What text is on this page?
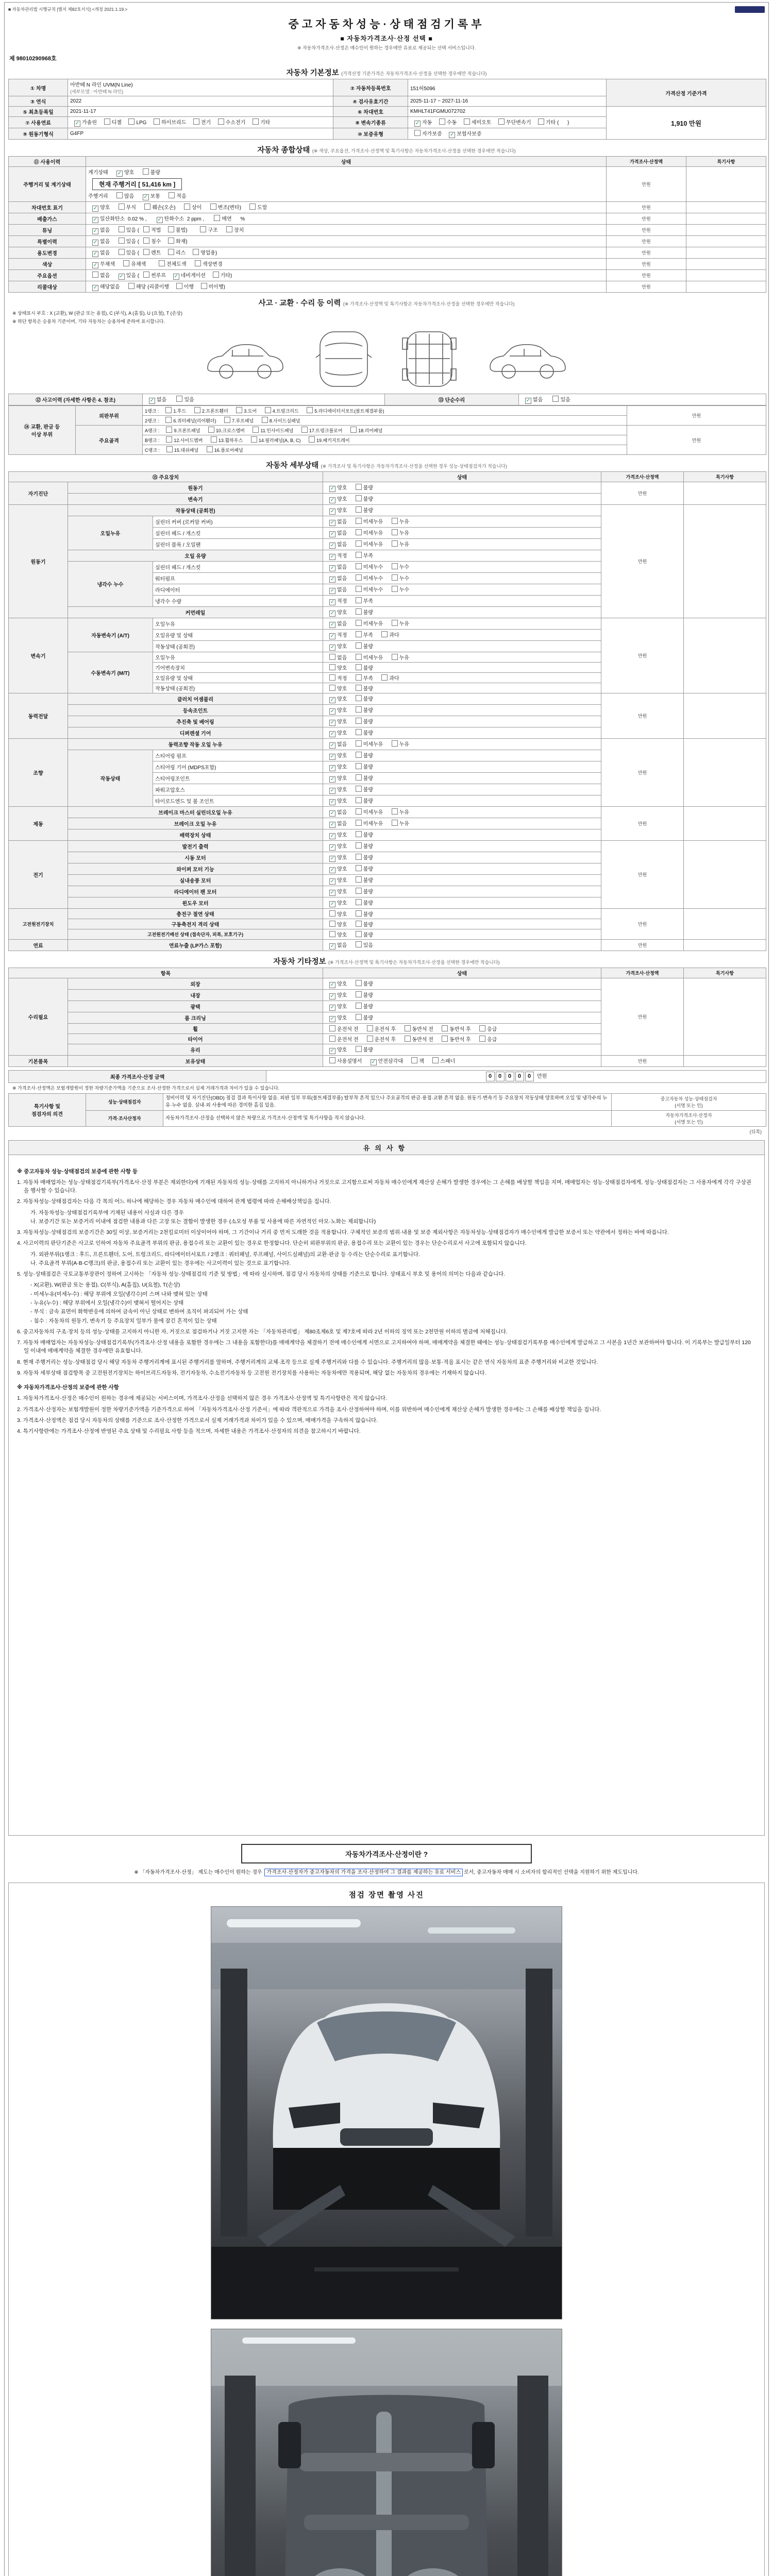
■ 자동차관리법 시행규칙 [별지 제82호서식] <개정 2021.1.19.>
중고자동차성능·상태점검기록부
■ 자동차가격조사·산정 선택 ■
※ 자동차가격조사·산정은 매수인이 원하는 경우에만 유료로 제공되는 선택 서비스입니다.
제 98010290968호
자동차 기본정보 (가격산정 기준가격은 자동차가격조사·산정을 선택한 경우에만 적습니다)
① 차명	아반떼 N 라인 UVM(N Line)
(세부모델 : 아반떼 N 라인)	② 자동차등록번호	151허5096	가격산정 기준가격
③ 연식	2022	④ 검사유효기간	2025-11-17 ~ 2027-11-16	
⑤ 최초등록일	2021-11-17	⑥ 차대번호	KMHLT41FGMU072702	1,910 만원
⑦ 사용연료	✓ 가솔린  디젤  LPG  하이브리드  전기  수소전기  기타	⑧ 변속기종류	✓ 자동  수동  세미오토  무단변속기  기타 (      )	
⑨ 원동기형식	G4FP	⑩ 보증유형	자가보증  ✓ 보험사보증	
자동차 종합상태 (※ 색상, 주요옵션, 가격조사·산정액 및 특기사항은 자동차가격조사·산정을 선택한 경우에만 적습니다)
⑪ 사용이력	상태	가격조사·산정액	특기사항
주행거리 및 계기상태	계기상태   ✓ 양호   불량
현재 주행거리 [ 51,416 km ]
주행거리   많음   ✓ 보통   적음	만원	
차대번호 표기	✓ 양호   부식   훼손(오손)   상이   변조(변타)   도말	만원	
배출가스	✓ 일산화탄소  0.02 % ,    ✓ 탄화수소  2 ppm ,    매연      %	만원	
튜닝	✓ 없음   있음 ( 적법  불법)      구조   장치	만원	
특별이력	✓ 없음   있음 ( 침수  화재)	만원	
용도변경	✓ 없음   있음 ( 렌트  리스  영업용)	만원	
색상	✓ 무채색   유채색      전체도색   색상변경	만원	
주요옵션	없음   ✓ 있음 ( 썬루프  ✓ 네비게이션  기타)	만원	
리콜대상	✓ 해당없음   해당 (리콜이행  이행  미이행)	만원	
사고 · 교환 · 수리 등 이력 (※ 가격조사·산정액 및 특기사항은 자동차가격조사·산정을 선택한 경우에만 적습니다)
※ 상태표시 부호 : X (교환), W (판금 또는 용접), C (부식), A (흠집), U (요철), T (손상)
※ 하단 항목은 승용차 기준이며, 기타 자동차는 승용차에 준하여 표시합니다.
⑫ 사고이력 (자세한 사항은 4. 참조)	✓ 없음    있음	⑬ 단순수리	✓ 없음    있음
⑭ 교환, 판금 등
이상 부위	외판부위	1랭크 : 1.후드 2.프론트휀더 3.도어 4.트렁크리드 5.라디에이터서포트(볼트체결부품)	만원
		2랭크 : 6.쿼터패널(리어휀더) 7.루프패널 8.사이드실패널	
	주요골격	A랭크 : 9.프론트패널 10.크로스멤버 11.인사이드패널 17.트렁크플로어 18.리어패널	만원
		B랭크 : 12.사이드멤버 13.휠하우스 14.필러패널(A, B, C) 19.패키지트레이	
		C랭크 : 15.대쉬패널 16.플로어패널	
자동차 세부상태 (※ 가격조사 및 특기사항은 자동차가격조사·산정을 선택한 경우 성능·상태점검자가 적습니다)
⑮ 주요장치			상태	가격조사·산정액	특기사항
자기진단	원동기		✓ 양호   불량	만원	
	변속기		✓ 양호   불량		
원동기	작동상태 (공회전)		✓ 양호   불량	만원	
	오일누유	실린더 커버 (로커암 커버)	✓ 없음   미세누유   누유		
		실린더 헤드 / 개스킷	✓ 없음   미세누유   누유		
		실린더 블록 / 오일팬	✓ 없음   미세누유   누유		
	오일 유량		✓ 적정   부족		
	냉각수 누수	실린더 헤드 / 개스킷	✓ 없음   미세누수   누수		
		워터펌프	✓ 없음   미세누수   누수		
		라디에이터	✓ 없음   미세누수   누수		
		냉각수 수량	✓ 적정   부족		
	커먼레일		✓ 양호   불량		
변속기	자동변속기 (A/T)	오일누유	✓ 없음   미세누유   누유	만원	
		오일유량 및 상태	✓ 적정   부족   과다		
		작동상태 (공회전)	✓ 양호   불량		
	수동변속기 (M/T)	오일누유	없음   미세누유   누유		
		기어변속장치	양호   불량		
		오일유량 및 상태	적정   부족   과다		
		작동상태 (공회전)	양호   불량		
동력전달	클러치 어셈블리		✓ 양호   불량	만원	
	등속조인트		✓ 양호   불량		
	추진축 및 베어링		✓ 양호   불량		
	디퍼렌셜 기어		✓ 양호   불량		
조향	동력조향 작동 오일 누유		✓ 없음   미세누유   누유	만원	
	작동상태	스티어링 펌프	✓ 양호   불량		
		스티어링 기어 (MDPS포함)	✓ 양호   불량		
		스티어링조인트	✓ 양호   불량		
		파워고압호스	✓ 양호   불량		
		타이로드엔드 및 볼 조인트	✓ 양호   불량		
제동	브레이크 마스터 실린더오일 누유		✓ 없음   미세누유   누유	만원	
	브레이크 오일 누유		✓ 없음   미세누유   누유		
	배력장치 상태		✓ 양호   불량		
전기	발전기 출력		✓ 양호   불량	만원	
	시동 모터		✓ 양호   불량		
	와이퍼 모터 기능		✓ 양호   불량		
	실내송풍 모터		✓ 양호   불량		
	라디에이터 팬 모터		✓ 양호   불량		
	윈도우 모터		✓ 양호   불량		
고전원전기장치	충전구 절연 상태		양호   불량	만원	
	구동축전지 격리 상태		양호   불량		
	고전원전기배선 상태 (접속단자, 피복, 보호기구)		양호   불량		
연료	연료누출 (LP가스 포함)		✓ 없음   있음	만원	
자동차 기타정보 (※ 가격조사·산정액 및 특기사항은 자동차가격조사·산정을 선택한 경우에만 적습니다)
항목		상태	가격조사·산정액	특기사항
수리필요	외장	✓ 양호   불량	만원	
	내장	✓ 양호   불량		
	광택	✓ 양호   불량		
	룸 크리닝	✓ 양호   불량		
	휠	운전석 전   운전석 후   동반석 전   동반석 후   응급		
	타이어	운전석 전   운전석 후   동반석 전   동반석 후   응급		
	유리	✓ 양호   불량		
기본품목	보유상태	사용설명서   ✓ 안전삼각대   잭   스패너	만원	
최종 가격조사·산정 금액	0 0 0 0 0  만원
※ 가격조사·산정액은 보험개발원이 정한 차량기준가액을 기준으로 조사·산정한 가격으로서 실제 거래가격과 차이가 있을 수 있습니다.
특기사항 및
점검자의 의견	성능·상태점검자	정비이력 및 자기진단(OBD) 점검 결과 특이사항 없음. 외판 일부 부위(볼트체결부품) 탈부착 흔적 있으나 주요골격의 판금·용접·교환 흔적 없음. 원동기·변속기 등 주요장치 작동상태 양호하며 오일 및 냉각수의 누유·누수 없음. 실내·외 사용에 따른 경미한 흠집 있음.	중고자동차 성능·상태점검자
(서명 또는 인)
	가격·조사산정자	자동차가격조사·산정을 선택하지 않은 차량으로 가격조사·산정액 및 특기사항을 적지 않습니다.	자동차가격조사·산정자
(서명 또는 인)
(뒤쪽)
유의사항

※ 중고자동차 성능·상태점검의 보증에 관한 사항 등

1. 자동차 매매업자는 성능·상태점검기록부(가격조사·산정 부분은 제외한다)에 기재된 자동차의 성능·상태를 고지하지 아니하거나 거짓으로 고지함으로써 자동차 매수인에게 재산상 손해가 발생한 경우에는 그 손해를 배상할 책임을 지며, 매매업자는 성능·상태점검자에게, 성능·상태점검자는 그 사용자에게 각각 구상권을 행사할 수 있습니다.

2. 자동차성능·상태점검자는 다음 각 목의 어느 하나에 해당하는 경우 자동차 매수인에 대하여 관계 법령에 따라 손해배상책임을 집니다.

가. 자동차성능·상태점검기록부에 기재된 내용이 사실과 다른 경우

나. 보증기간 또는 보증거리 이내에 점검한 내용과 다른 고장 또는 결함이 발생한 경우 (소모성 부품 및 사용에 따른 자연적인 마모·노화는 제외합니다)

3. 자동차성능·상태점검의 보증기간은 30일 이상, 보증거리는 2천킬로미터 이상이어야 하며, 그 기간이나 거리 중 먼저 도래한 것을 적용합니다. 구체적인 보증의 범위·내용 및 보증 제외사항은 자동차성능·상태점검자가 매수인에게 발급한 보증서 또는 약관에서 정하는 바에 따릅니다.

4. 사고이력의 판단기준은 사고로 인하여 자동차 주요골격 부위의 판금, 용접수리 또는 교환이 있는 경우로 한정합니다. 단순히 외판부위의 판금, 용접수리 또는 교환이 있는 경우는 단순수리로서 사고에 포함되지 않습니다.

가. 외판부위(1랭크 : 후드, 프론트휀더, 도어, 트렁크리드, 라디에이터서포트 / 2랭크 : 쿼터패널, 루프패널, 사이드실패널)의 교환·판금 등 수리는 단순수리로 표기합니다.

나. 주요골격 부위(A·B·C랭크)의 판금, 용접수리 또는 교환이 있는 경우에는 사고이력이 있는 것으로 표기합니다.

5. 성능·상태점검은 국토교통부장관이 정하여 고시하는 「자동차 성능·상태점검의 기준 및 방법」에 따라 실시하며, 점검 당시 자동차의 상태를 기준으로 합니다. 상태표시 부호 및 용어의 의미는 다음과 같습니다.

- X(교환), W(판금 또는 용접), C(부식), A(흠집), U(요철), T(손상)

- 미세누유(미세누수) : 해당 부위에 오일(냉각수)이 스며 나와 맺혀 있는 상태

- 누유(누수) : 해당 부위에서 오일(냉각수)이 맺혀서 떨어지는 상태

- 부식 : 금속 표면이 화학반응에 의하여 금속이 아닌 상태로 변하여 조직이 파괴되어 가는 상태

- 침수 : 자동차의 원동기, 변속기 등 주요장치 일부가 물에 잠긴 흔적이 있는 상태

6. 중고자동차의 구조·장치 등의 성능·상태를 고지하지 아니한 자, 거짓으로 점검하거나 거짓 고지한 자는 「자동차관리법」 제80조제6호 및 제7호에 따라 2년 이하의 징역 또는 2천만원 이하의 벌금에 처해집니다.

7. 자동차 매매업자는 자동차성능·상태점검기록부(가격조사·산정 내용을 포함한 경우에는 그 내용을 포함한다)를 매매계약을 체결하기 전에 매수인에게 서면으로 고지하여야 하며, 매매계약을 체결한 때에는 성능·상태점검기록부를 매수인에게 발급하고 그 사본을 1년간 보관하여야 합니다. 이 기록부는 발급일부터 120일 이내에 매매계약을 체결한 경우에만 유효합니다.

8. 현재 주행거리는 성능·상태점검 당시 해당 자동차 주행거리계에 표시된 주행거리를 말하며, 주행거리계의 교체·조작 등으로 실제 주행거리와 다를 수 있습니다. 주행거리의 많음·보통·적음 표시는 같은 연식 자동차의 표준 주행거리와 비교한 것입니다.

9. 자동차 세부상태 점검항목 중 고전원전기장치는 하이브리드자동차, 전기자동차, 수소전기자동차 등 고전원 전기장치를 사용하는 자동차에만 적용되며, 해당 없는 자동차의 경우에는 기재하지 않습니다.

※ 자동차가격조사·산정의 보증에 관한 사항

1. 자동차가격조사·산정은 매수인이 원하는 경우에 제공되는 서비스이며, 가격조사·산정을 선택하지 않은 경우 가격조사·산정액 및 특기사항란은 적지 않습니다.

2. 가격조사·산정자는 보험개발원이 정한 차량기준가액을 기준가격으로 하여 「자동차가격조사·산정 기준서」에 따라 객관적으로 가격을 조사·산정하여야 하며, 이를 위반하여 매수인에게 재산상 손해가 발생한 경우에는 그 손해를 배상할 책임을 집니다.

3. 가격조사·산정액은 점검 당시 자동차의 상태를 기준으로 조사·산정한 가격으로서 실제 거래가격과 차이가 있을 수 있으며, 매매가격을 구속하지 않습니다.

4. 특기사항란에는 가격조사·산정에 반영된 주요 상태 및 수리필요 사항 등을 적으며, 자세한 내용은 가격조사·산정자의 의견을 참고하시기 바랍니다.

자동차가격조사·산정이란 ?
※ 「자동차가격조사·산정」 제도는 매수인이 원하는 경우 가격조사·산정자가 중고자동차의 가격을 조사·산정하여 그 결과를 제공하는 유료 서비스 로서, 중고자동차 매매 시 소비자의 합리적인 선택을 지원하기 위한 제도입니다.
점검 장면 촬영 사진
